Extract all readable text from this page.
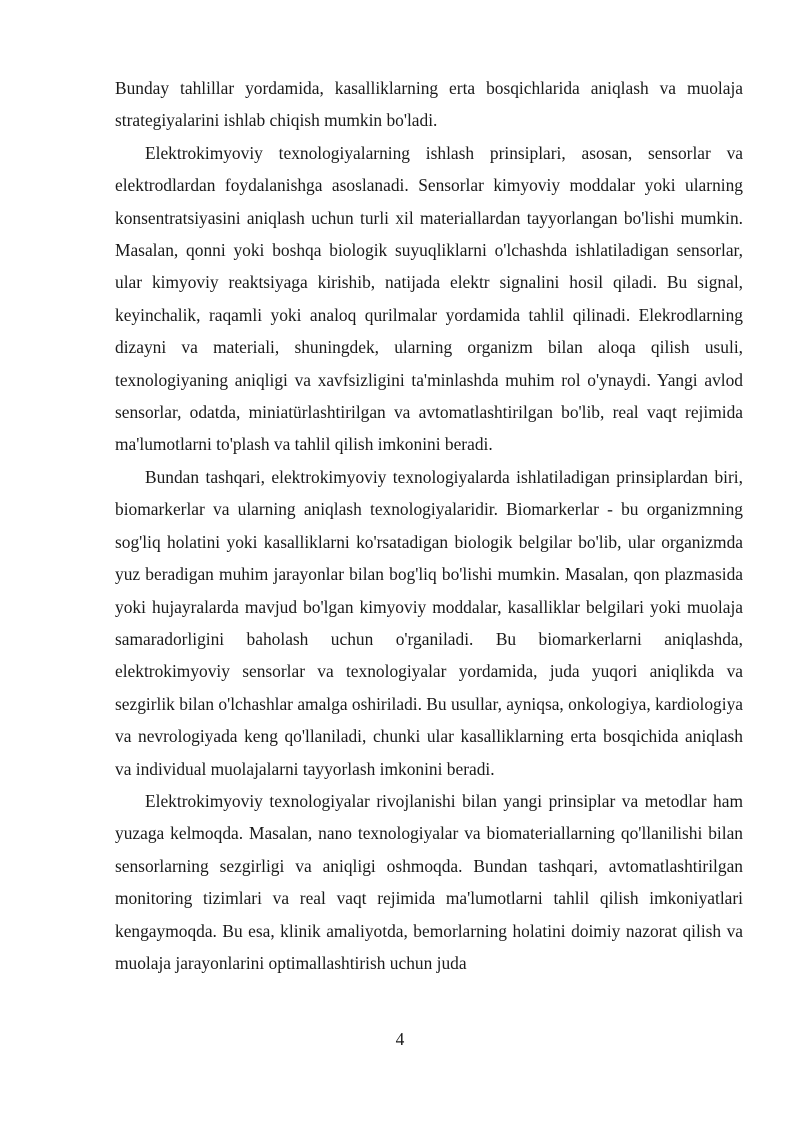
Bunday tahlillar yordamida, kasalliklarning erta bosqichlarida aniqlash va muolaja strategiyalarini ishlab chiqish mumkin bo'ladi.

Elektrokimyoviy texnologiyalarning ishlash prinsiplari, asosan, sensorlar va elektrodlardan foydalanishga asoslanadi. Sensorlar kimyoviy moddalar yoki ularning konsentratsiyasini aniqlash uchun turli xil materiallardan tayyorlangan bo'lishi mumkin. Masalan, qonni yoki boshqa biologik suyuqliklarni o'lchashda ishlatiladigan sensorlar, ular kimyoviy reaktsiyaga kirishib, natijada elektr signalini hosil qiladi. Bu signal, keyinchalik, raqamli yoki analoq qurilmalar yordamida tahlil qilinadi. Elekrodlarning dizayni va materiali, shuningdek, ularning organizm bilan aloqa qilish usuli, texnologiyaning aniqligi va xavfsizligini ta'minlashda muhim rol o'ynaydi. Yangi avlod sensorlar, odatda, miniatürlashtirilgan va avtomatlashtirilgan bo'lib, real vaqt rejimida ma'lumotlarni to'plash va tahlil qilish imkonini beradi.

Bundan tashqari, elektrokimyoviy texnologiyalarda ishlatiladigan prinsiplardan biri, biomarkerlar va ularning aniqlash texnologiyalaridir. Biomarkerlar - bu organizmning sog'liq holatini yoki kasalliklarni ko'rsatadigan biologik belgilar bo'lib, ular organizmda yuz beradigan muhim jarayonlar bilan bog'liq bo'lishi mumkin. Masalan, qon plazmasida yoki hujayralarda mavjud bo'lgan kimyoviy moddalar, kasalliklar belgilari yoki muolaja samaradorligini baholash uchun o'rganiladi. Bu biomarkerlarni aniqlashda, elektrokimyoviy sensorlar va texnologiyalar yordamida, juda yuqori aniqlikda va sezgirlik bilan o'lchashlar amalga oshiriladi. Bu usullar, ayniqsa, onkologiya, kardiologiya va nevrologiyada keng qo'llaniladi, chunki ular kasalliklarning erta bosqichida aniqlash va individual muolajalarni tayyorlash imkonini beradi.

Elektrokimyoviy texnologiyalar rivojlanishi bilan yangi prinsiplar va metodlar ham yuzaga kelmoqda. Masalan, nano texnologiyalar va biomateriallarning qo'llanilishi bilan sensorlarning sezgirligi va aniqligi oshmoqda. Bundan tashqari, avtomatlashtirilgan monitoring tizimlari va real vaqt rejimida ma'lumotlarni tahlil qilish imkoniyatlari kengaymoqda. Bu esa, klinik amaliyotda, bemorlarning holatini doimiy nazorat qilish va muolaja jarayonlarini optimallashtirish uchun juda

4
